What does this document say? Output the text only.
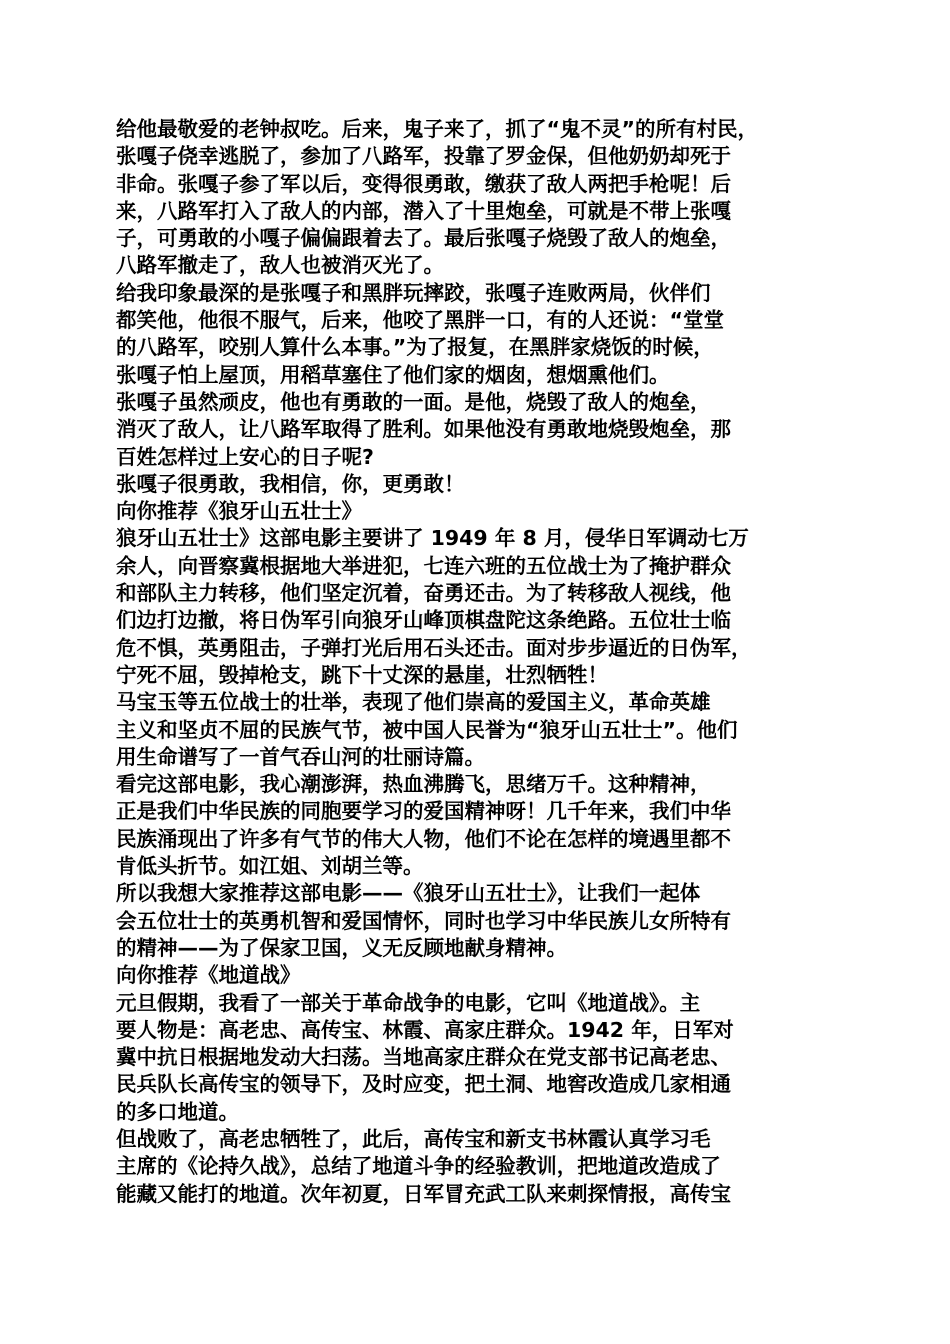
给他最敬爱的老钟叔吃。后来，鬼子来了，抓了“鬼不灵”的所有村民，
张嘎子侥幸逃脱了，参加了八路军，投靠了罗金保，但他奶奶却死于
非命。张嘎子参了军以后，变得很勇敢，缴获了敌人两把手枪呢！后
来，八路军打入了敌人的内部，潜入了十里炮垒，可就是不带上张嘎
子，可勇敢的小嘎子偏偏跟着去了。最后张嘎子烧毁了敌人的炮垒，
八路军撤走了，敌人也被消灭光了。
给我印象最深的是张嘎子和黑胖玩摔跤，张嘎子连败两局，伙伴们
都笑他，他很不服气，后来，他咬了黑胖一口，有的人还说：“堂堂
的八路军，咬别人算什么本事。”为了报复，在黑胖家烧饭的时候，
张嘎子怕上屋顶，用稻草塞住了他们家的烟囱，想烟熏他们。
张嘎子虽然顽皮，他也有勇敢的一面。是他，烧毁了敌人的炮垒，
消灭了敌人，让八路军取得了胜利。如果他没有勇敢地烧毁炮垒，那
百姓怎样过上安心的日子呢?
张嘎子很勇敢，我相信，你，更勇敢！
向你推荐《狼牙山五壮士》
狼牙山五壮士》这部电影主要讲了 1949 年 8 月，侵华日军调动七万
余人，向晋察冀根据地大举进犯，七连六班的五位战士为了掩护群众
和部队主力转移，他们坚定沉着，奋勇还击。为了转移敌人视线，他
们边打边撤，将日伪军引向狼牙山峰顶棋盘陀这条绝路。五位壮士临
危不惧，英勇阻击，子弹打光后用石头还击。面对步步逼近的日伪军，
宁死不屈，毁掉枪支，跳下十丈深的悬崖，壮烈牺牲！
马宝玉等五位战士的壮举，表现了他们崇高的爱国主义，革命英雄
主义和坚贞不屈的民族气节，被中国人民誉为“狼牙山五壮士”。他们
用生命谱写了一首气吞山河的壮丽诗篇。
看完这部电影，我心潮澎湃，热血沸腾飞，思绪万千。这种精神，
正是我们中华民族的同胞要学习的爱国精神呀！几千年来，我们中华
民族涌现出了许多有气节的伟大人物，他们不论在怎样的境遇里都不
肯低头折节。如江姐、刘胡兰等。
所以我想大家推荐这部电影——《狼牙山五壮士》，让我们一起体
会五位壮士的英勇机智和爱国情怀，同时也学习中华民族儿女所特有
的精神——为了保家卫国，义无反顾地献身精神。
向你推荐《地道战》
元旦假期，我看了一部关于革命战争的电影，它叫《地道战》。主
要人物是：高老忠、高传宝、林霞、高家庄群众。1942 年，日军对
冀中抗日根据地发动大扫荡。当地高家庄群众在党支部书记高老忠、
民兵队长高传宝的领导下，及时应变，把土洞、地窖改造成几家相通
的多口地道。
但战败了，高老忠牺牲了，此后，高传宝和新支书林霞认真学习毛
主席的《论持久战》，总结了地道斗争的经验教训，把地道改造成了
能藏又能打的地道。次年初夏，日军冒充武工队来刺探情报，高传宝
